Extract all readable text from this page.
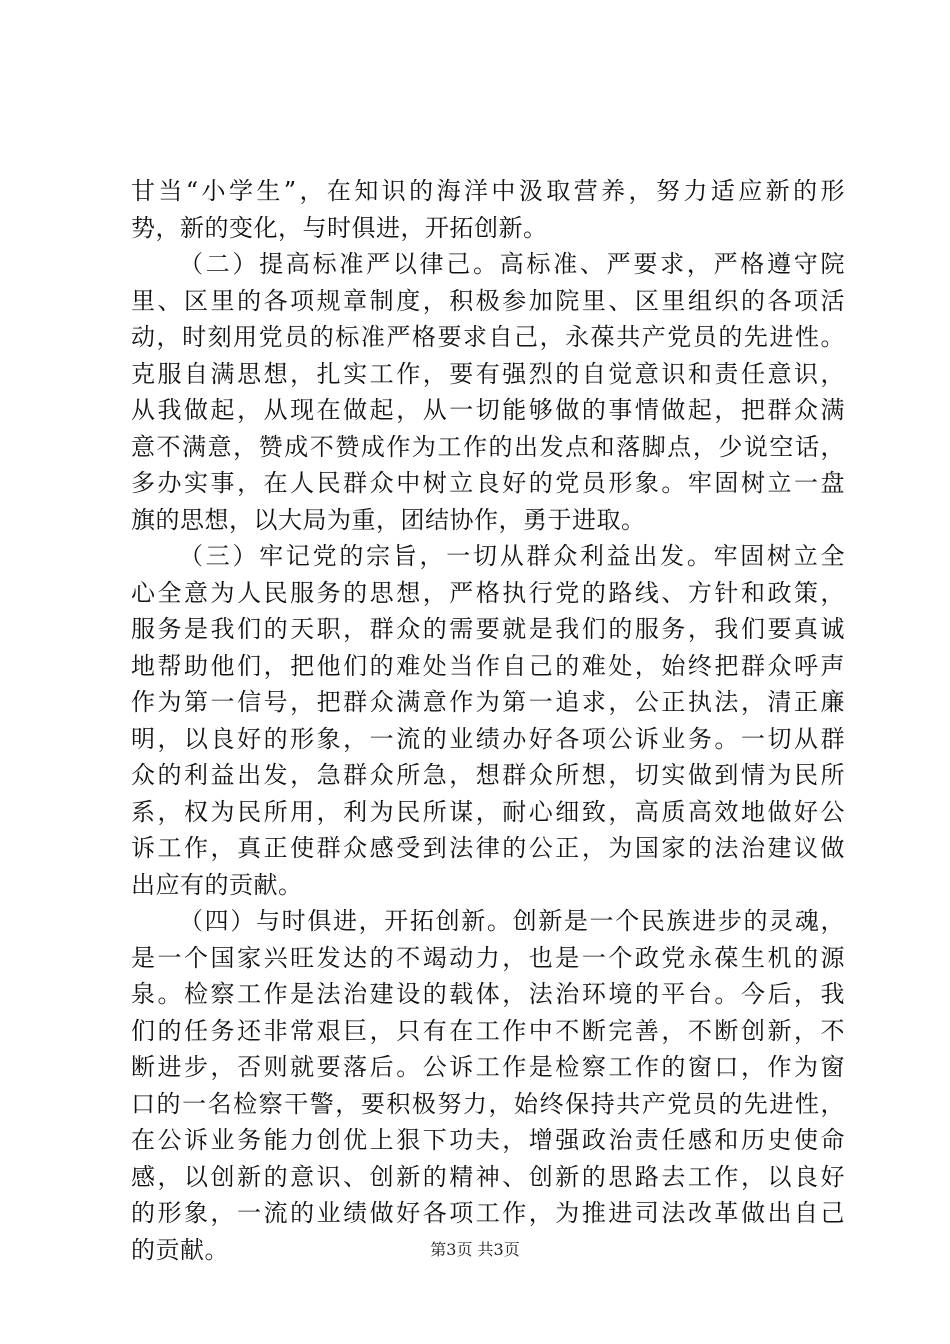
甘当“小学生”，在知识的海洋中汲取营养，努力适应新的形
势，新的变化，与时俱进，开拓创新。
（二）提高标准严以律己。高标准、严要求，严格遵守院
里、区里的各项规章制度，积极参加院里、区里组织的各项活
动，时刻用党员的标准严格要求自己，永葆共产党员的先进性。
克服自满思想，扎实工作，要有强烈的自觉意识和责任意识，
从我做起，从现在做起，从一切能够做的事情做起，把群众满
意不满意，赞成不赞成作为工作的出发点和落脚点，少说空话，
多办实事，在人民群众中树立良好的党员形象。牢固树立一盘
旗的思想，以大局为重，团结协作，勇于进取。
（三）牢记党的宗旨，一切从群众利益出发。牢固树立全
心全意为人民服务的思想，严格执行党的路线、方针和政策，
服务是我们的天职，群众的需要就是我们的服务，我们要真诚
地帮助他们，把他们的难处当作自己的难处，始终把群众呼声
作为第一信号，把群众满意作为第一追求，公正执法，清正廉
明，以良好的形象，一流的业绩办好各项公诉业务。一切从群
众的利益出发，急群众所急，想群众所想，切实做到情为民所
系，权为民所用，利为民所谋，耐心细致，高质高效地做好公
诉工作，真正使群众感受到法律的公正，为国家的法治建议做
出应有的贡献。
（四）与时俱进，开拓创新。创新是一个民族进步的灵魂，
是一个国家兴旺发达的不竭动力，也是一个政党永葆生机的源
泉。检察工作是法治建设的载体，法治环境的平台。今后，我
们的任务还非常艰巨，只有在工作中不断完善，不断创新，不
断进步，否则就要落后。公诉工作是检察工作的窗口，作为窗
口的一名检察干警，要积极努力，始终保持共产党员的先进性，
在公诉业务能力创优上狠下功夫，增强政治责任感和历史使命
感，以创新的意识、创新的精神、创新的思路去工作，以良好
的形象，一流的业绩做好各项工作，为推进司法改革做出自己
的贡献。	第3页 共3页
